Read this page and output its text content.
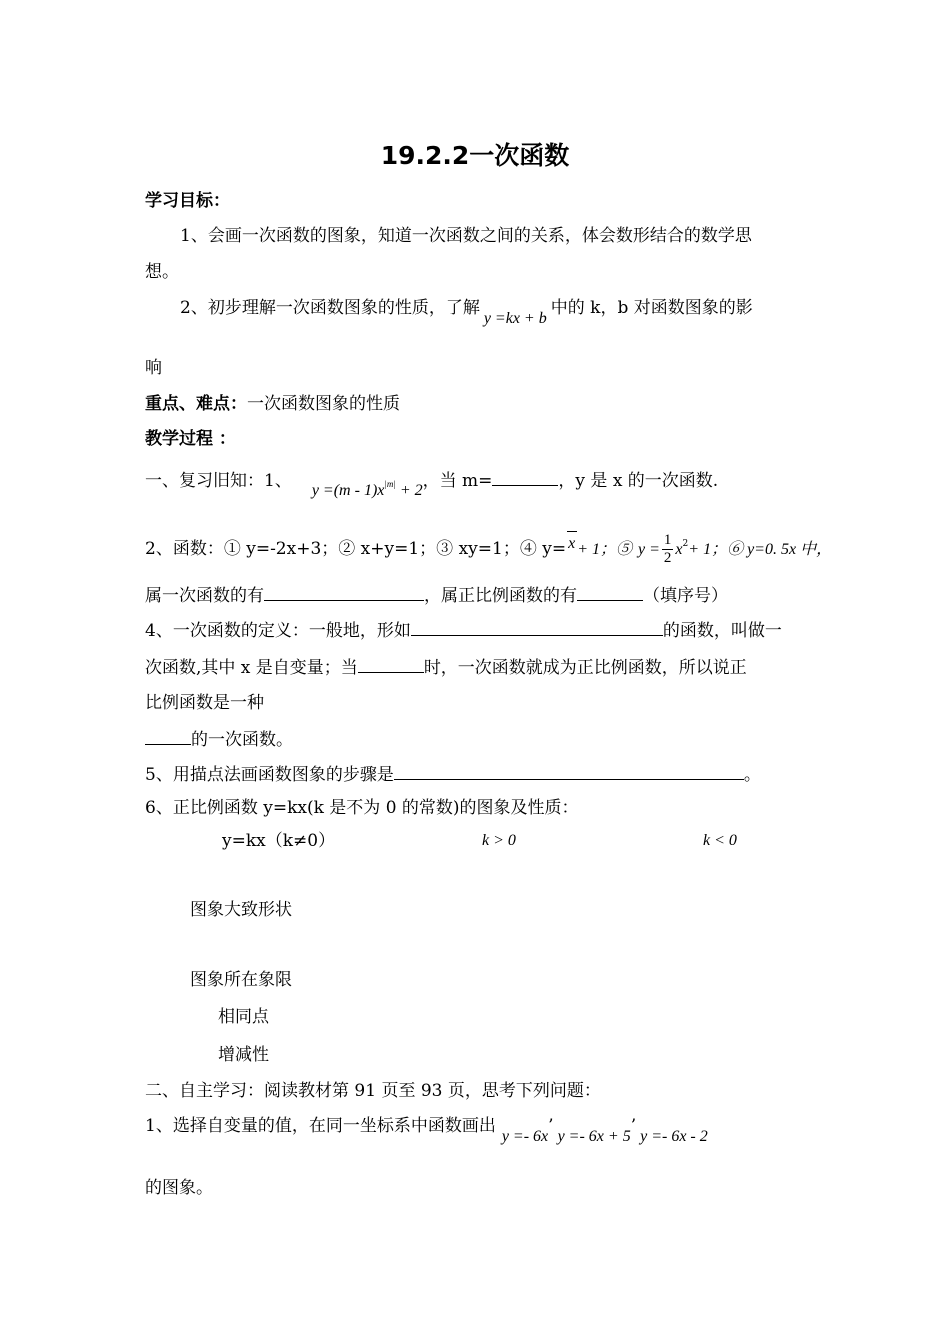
19.2.2一次函数
学习目标：
1、会画一次函数的图象，知道一次函数之间的关系，体会数形结合的数学思
想。
2、初步理解一次函数图象的性质，了解y =kx + b中的 k，b 对函数图象的影
响
重点、难点：一次函数图象的性质
教学过程 ：
一、复习旧知：1、 $y =(m - 1)x^{|m|} + 2$，当 m=	，y 是 x 的一次函数.
2、函数：① y=-2x+3；② x+y=1；③ xy=1；④ y= x + 1；⑤ $y = \frac{1}{2} x^2+ 1$；⑥ y=0. 5x 中，
属一次函数的有	，属正比例函数的有	（填序号）
4、一次函数的定义：一般地，形如	的函数，叫做一
次函数,其中 x 是自变量；当	时，一次函数就成为正比例函数，所以说正
比例函数是一种
的一次函数。
5、用描点法画函数图象的步骤是	。
6、正比例函数 y=kx(k 是不为 0 的常数)的图象及性质：
y=kx（k≠0）	k > 0	k < 0
图象大致形状
图象所在象限
相同点
增减性
二、自主学习：阅读教材第 91 页至 93 页，思考下列问题：
1、选择自变量的值，在同一坐标系中函数画出y =- 6x’y =- 6x + 5’y =- 6x - 2
的图象。
